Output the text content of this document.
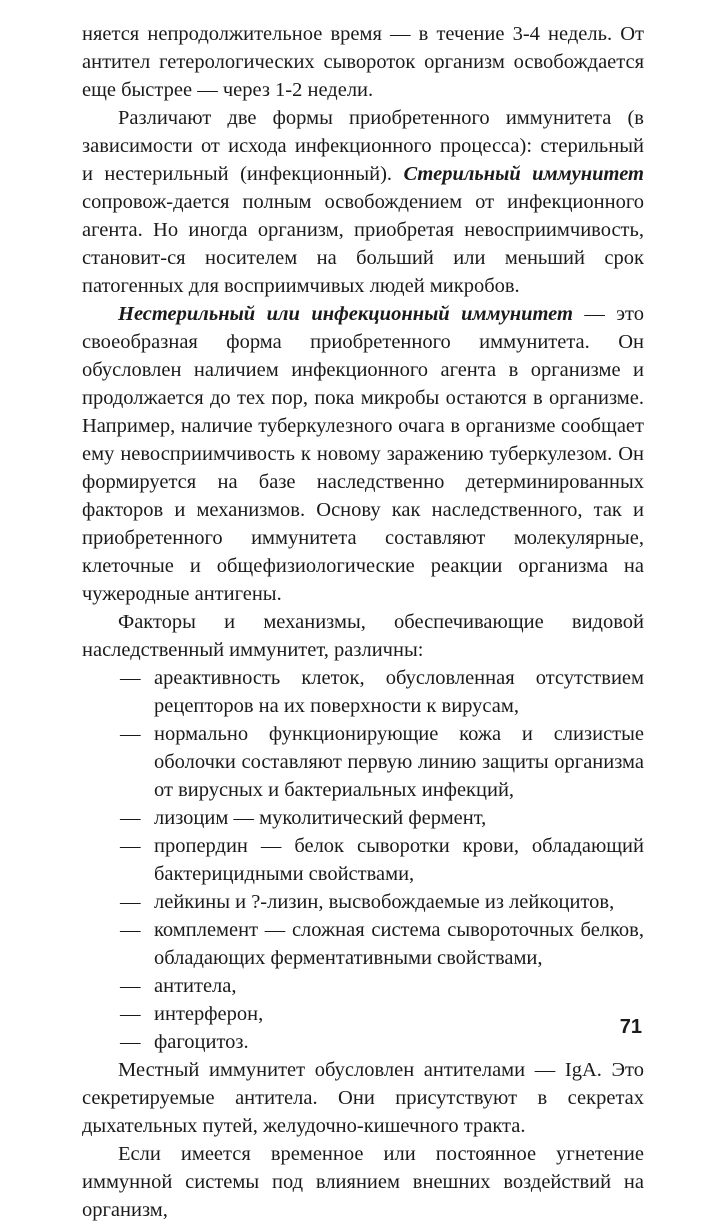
няется непродолжительное время — в течение 3-4 недель. От антител гетерологических сывороток организм освобождается еще быстрее — через 1-2 недели.

Различают две формы приобретенного иммунитета (в зависимости от исхода инфекционного процесса): стерильный и нестерильный (инфекционный). Стерильный иммунитет сопровож-дается полным освобождением от инфекционного агента. Но иногда организм, приобретая невосприимчивость, становит-ся носителем на больший или меньший срок патогенных для восприимчивых людей микробов.

Нестерильный или инфекционный иммунитет — это своеобразная форма приобретенного иммунитета. Он обусловлен наличием инфекционного агента в организме и продолжается до тех пор, пока микробы остаются в организме. Например, наличие туберкулезного очага в организме сообщает ему невосприимчивость к новому заражению туберкулезом. Он формируется на базе наследственно детерминированных факторов и механизмов. Основу как наследственного, так и приобретенного иммунитета составляют молекулярные, клеточные и общефизиологические реакции организма на чужеродные антигены.

Факторы и механизмы, обеспечивающие видовой наследственный иммунитет, различны:

— ареактивность клеток, обусловленная отсутствием рецепторов на их поверхности к вирусам,
— нормально функционирующие кожа и слизистые оболочки составляют первую линию защиты организма от вирусных и бактериальных инфекций,
— лизоцим — муколитический фермент,
— пропердин — белок сыворотки крови, обладающий бактерицидными свойствами,
— лейкины и ?-лизин, высвобождаемые из лейкоцитов,
— комплемент — сложная система сывороточных белков, обладающих ферментативными свойствами,
— антитела,
— интерферон,
— фагоцитоз.

Местный иммунитет обусловлен антителами — IgA. Это секретируемые антитела. Они присутствуют в секретах дыхательных путей, желудочно-кишечного тракта.

Если имеется временное или постоянное угнетение иммунной системы под влиянием внешних воздействий на организм,

71
